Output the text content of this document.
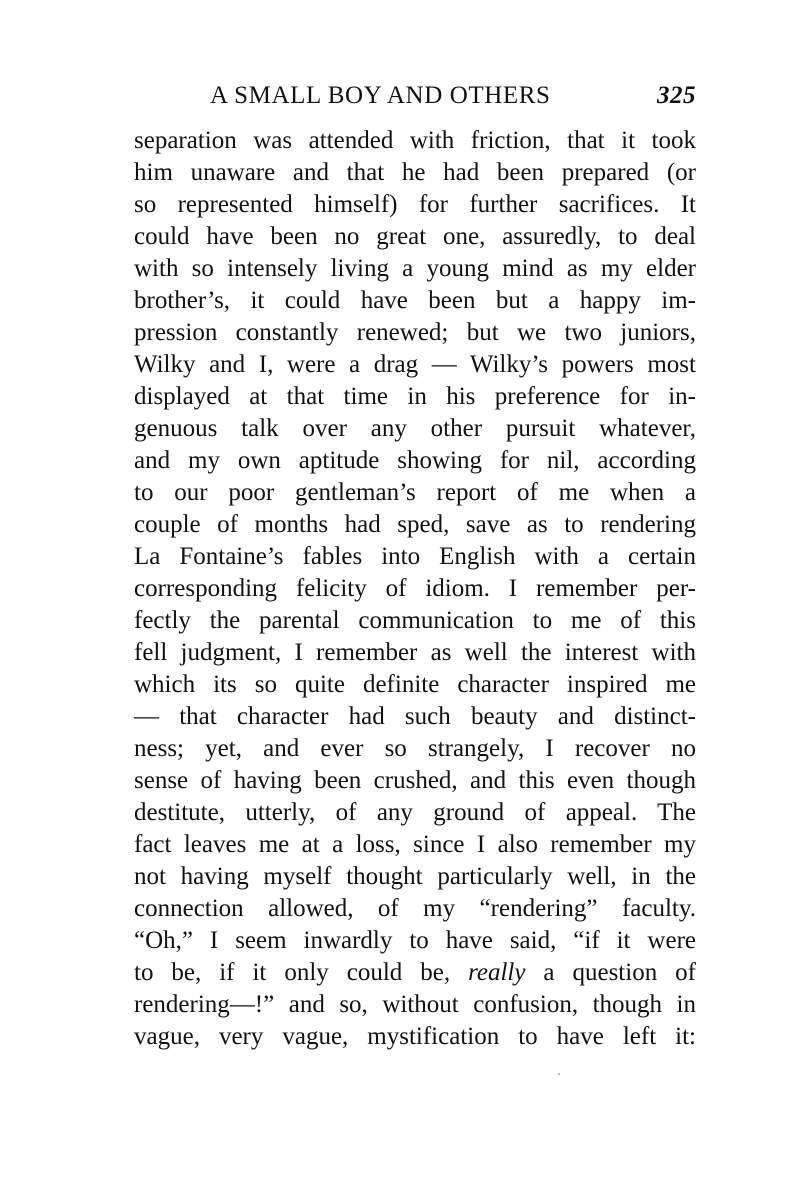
A SMALL BOY AND OTHERS	325
separation was attended with friction, that it took
him unaware and that he had been prepared (or
so represented himself) for further sacrifices. It
could have been no great one, assuredly, to deal
with so intensely living a young mind as my elder
brother’s, it could have been but a happy im-
pression constantly renewed; but we two juniors,
Wilky and I, were a drag — Wilky’s powers most
displayed at that time in his preference for in-
genuous talk over any other pursuit whatever,
and my own aptitude showing for nil, according
to our poor gentleman’s report of me when a
couple of months had sped, save as to rendering
La Fontaine’s fables into English with a certain
corresponding felicity of idiom. I remember per-
fectly the parental communication to me of this
fell judgment, I remember as well the interest with
which its so quite definite character inspired me
— that character had such beauty and distinct-
ness; yet, and ever so strangely, I recover no
sense of having been crushed, and this even though
destitute, utterly, of any ground of appeal. The
fact leaves me at a loss, since I also remember my
not having myself thought particularly well, in the
connection allowed, of my “rendering” faculty.
“Oh,” I seem inwardly to have said, “if it were
to be, if it only could be, really a question of
rendering—!” and so, without confusion, though in
vague, very vague, mystification to have left it:
